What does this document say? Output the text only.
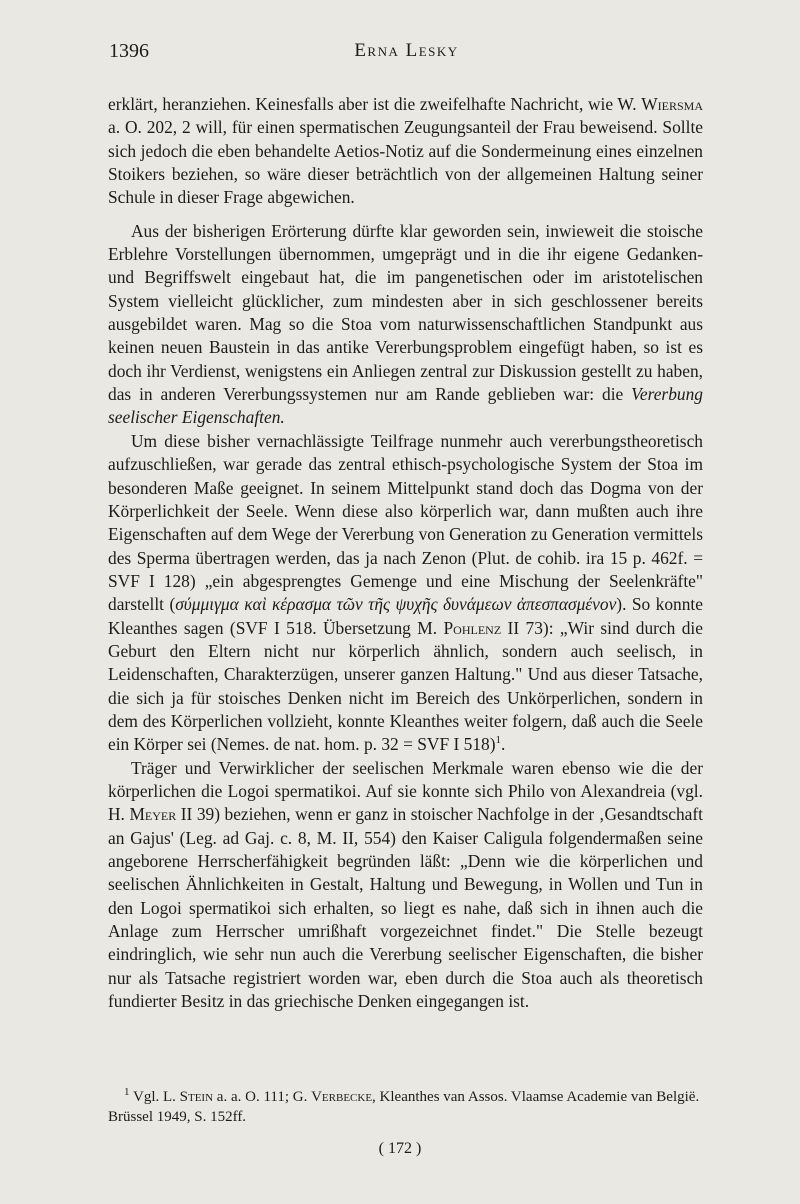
1396	Erna Lesky

erklärt, heranziehen. Keinesfalls aber ist die zweifelhafte Nachricht, wie W. Wiersma a. O. 202, 2 will, für einen spermatischen Zeugungsanteil der Frau beweisend. Sollte sich jedoch die eben behandelte Aetios-Notiz auf die Sondermeinung eines einzelnen Stoikers beziehen, so wäre dieser beträchtlich von der allgemeinen Haltung seiner Schule in dieser Frage abgewichen.

Aus der bisherigen Erörterung dürfte klar geworden sein, inwieweit die stoische Erblehre Vorstellungen übernommen, umgeprägt und in die ihr eigene Gedanken- und Begriffswelt eingebaut hat, die im pangenetischen oder im aristotelischen System vielleicht glücklicher, zum mindesten aber in sich geschlossener bereits ausgebildet waren. Mag so die Stoa vom naturwissenschaftlichen Standpunkt aus keinen neuen Baustein in das antike Vererbungsproblem eingefügt haben, so ist es doch ihr Verdienst, wenigstens ein Anliegen zentral zur Diskussion gestellt zu haben, das in anderen Vererbungssystemen nur am Rande geblieben war: die Vererbung seelischer Eigenschaften.

Um diese bisher vernachlässigte Teilfrage nunmehr auch vererbungstheoretisch aufzuschließen, war gerade das zentral ethisch-psychologische System der Stoa im besonderen Maße geeignet. In seinem Mittelpunkt stand doch das Dogma von der Körperlichkeit der Seele. Wenn diese also körperlich war, dann mußten auch ihre Eigenschaften auf dem Wege der Vererbung von Generation zu Generation vermittels des Sperma übertragen werden, das ja nach Zenon (Plut. de cohib. ira 15 p. 462f. = SVF I 128) „ein abgesprengtes Gemenge und eine Mischung der Seelenkräfte" darstellt (σύμμιγμα καὶ κέρασμα τῶν τῆς ψυχῆς δυνάμεων ἀπεσπασμένον). So konnte Kleanthes sagen (SVF I 518. Übersetzung M. Pohlenz II 73): „Wir sind durch die Geburt den Eltern nicht nur körperlich ähnlich, sondern auch seelisch, in Leidenschaften, Charakterzügen, unserer ganzen Haltung." Und aus dieser Tatsache, die sich ja für stoisches Denken nicht im Bereich des Unkörperlichen, sondern in dem des Körperlichen vollzieht, konnte Kleanthes weiter folgern, daß auch die Seele ein Körper sei (Nemes. de nat. hom. p. 32 = SVF I 518)$^1$.

Träger und Verwirklicher der seelischen Merkmale waren ebenso wie die der körperlichen die Logoi spermatikoi. Auf sie konnte sich Philo von Alexandreia (vgl. H. Meyer II 39) beziehen, wenn er ganz in stoischer Nachfolge in der ‚Gesandtschaft an Gajus' (Leg. ad Gaj. c. 8, M. II, 554) den Kaiser Caligula folgendermaßen seine angeborene Herrscherfähigkeit begründen läßt: „Denn wie die körperlichen und seelischen Ähnlichkeiten in Gestalt, Haltung und Bewegung, in Wollen und Tun in den Logoi spermatikoi sich erhalten, so liegt es nahe, daß sich in ihnen auch die Anlage zum Herrscher umrißhaft vorgezeichnet findet." Die Stelle bezeugt eindringlich, wie sehr nun auch die Vererbung seelischer Eigenschaften, die bisher nur als Tatsache registriert worden war, eben durch die Stoa auch als theoretisch fundierter Besitz in das griechische Denken eingegangen ist.

$^1$ Vgl. L. Stein a. a. O. 111; G. Verbecke, Kleanthes van Assos. Vlaamse Academie van België. Brüssel 1949, S. 152ff.
( 172 )
